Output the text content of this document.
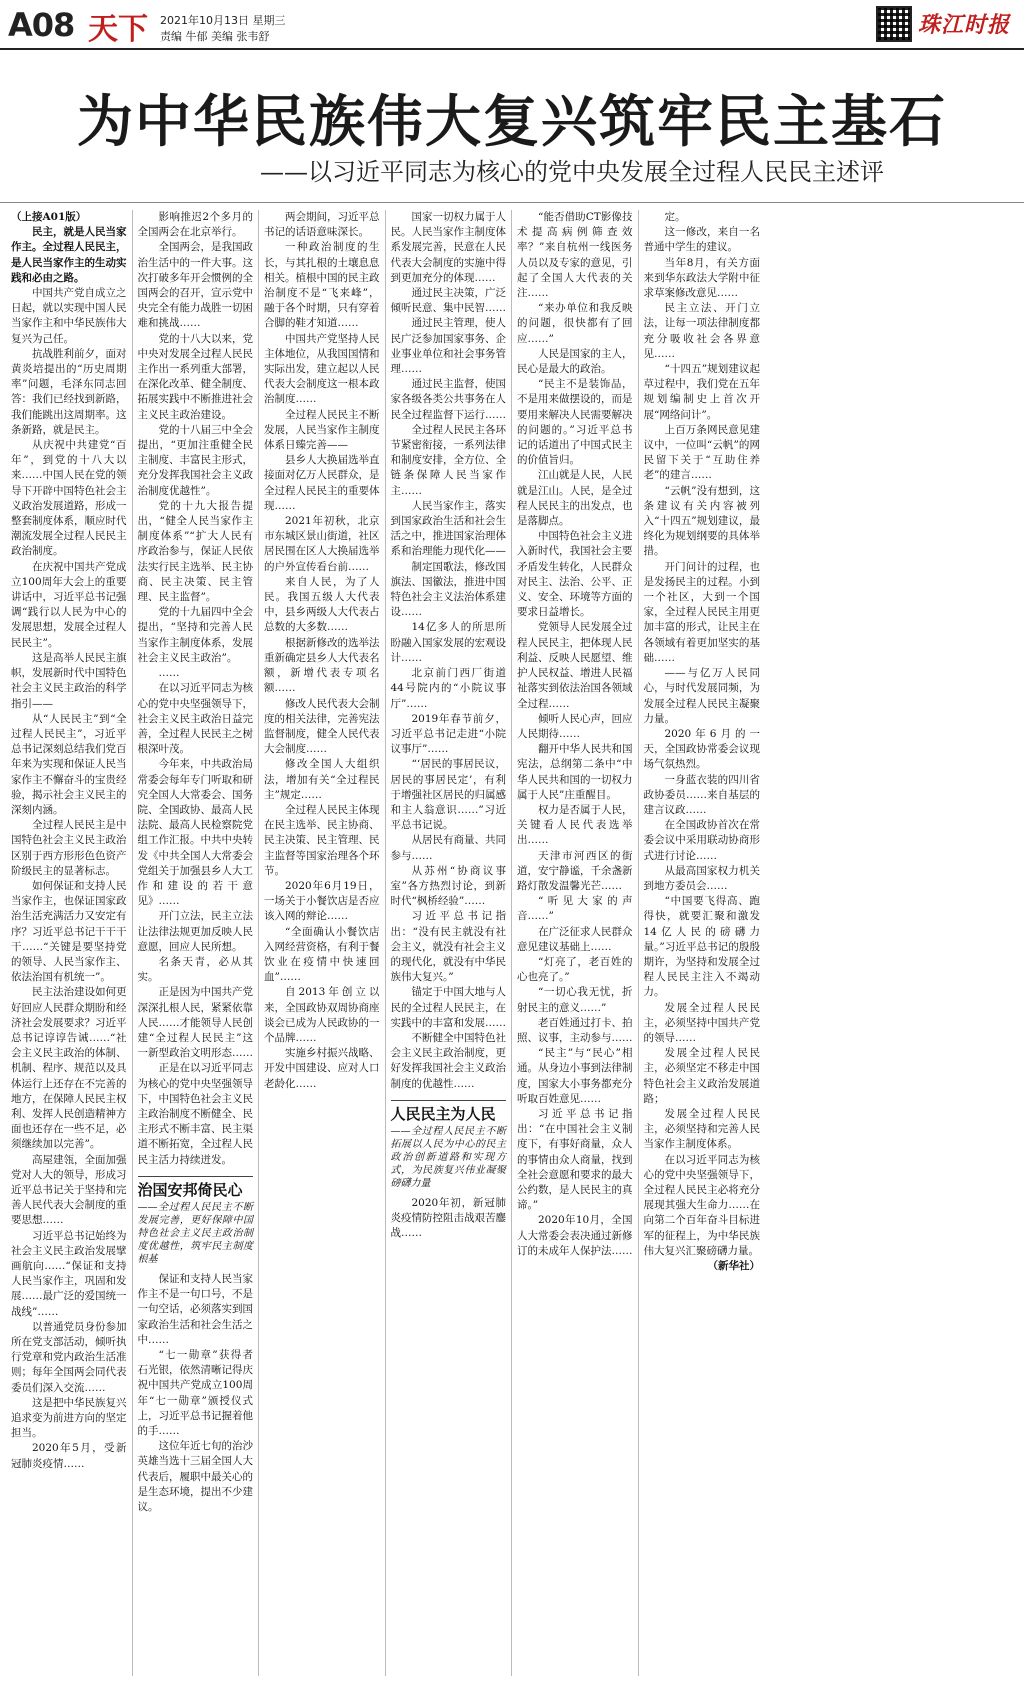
A08 天下 2021年10月13日 星期三
责编 牛郁 美编 张韦舒	珠江时报
为中华民族伟大复兴筑牢民主基石
——以习近平同志为核心的党中央发展全过程人民民主述评

（上接A01版）

民主，就是人民当家作主。全过程人民民主，是人民当家作主的生动实践和必由之路。

中国共产党自成立之日起，就以实现中国人民当家作主和中华民族伟大复兴为己任。

抗战胜利前夕，面对黄炎培提出的“历史周期率”问题，毛泽东同志回答：我们已经找到新路，我们能跳出这周期率。这条新路，就是民主。

从庆祝中共建党“百年”，到党的十八大以来……中国人民在党的领导下开辟中国特色社会主义政治发展道路，形成一整套制度体系，顺应时代潮流发展全过程人民民主政治制度。

在庆祝中国共产党成立100周年大会上的重要讲话中，习近平总书记强调“践行以人民为中心的发展思想，发展全过程人民民主”。

这是高举人民民主旗帜，发展新时代中国特色社会主义民主政治的科学指引——

从“人民民主”到“全过程人民民主”，习近平总书记深刻总结我们党百年来为实现和保证人民当家作主不懈奋斗的宝贵经验，揭示社会主义民主的深刻内涵。

全过程人民民主是中国特色社会主义民主政治区别于西方形形色色资产阶级民主的显著标志。

如何保证和支持人民当家作主，也保证国家政治生活充满活力又安定有序？习近平总书记干干干干……“关键是要坚持党的领导、人民当家作主、依法治国有机统一”。

民主法治建设如何更好回应人民群众期盼和经济社会发展要求？习近平总书记谆谆告诫……“社会主义民主政治的体制、机制、程序、规范以及具体运行上还存在不完善的地方，在保障人民民主权利、发挥人民创造精神方面也还存在一些不足，必须继续加以完善”。

高屋建瓴，全面加强党对人大的领导，形成习近平总书记关于坚持和完善人民代表大会制度的重要思想……

习近平总书记始终为社会主义民主政治发展擘画航向……“保证和支持人民当家作主，巩固和发展……最广泛的爱国统一战线”……

以普通党员身份参加所在党支部活动，倾听执行党章和党内政治生活准则；每年全国两会同代表委员们深入交流……

这是把中华民族复兴追求变为前进方向的坚定担当。

2020年5月，受新冠肺炎疫情……

影响推迟2个多月的全国两会在北京举行。

全国两会，是我国政治生活中的一件大事。这次打破多年开会惯例的全国两会的召开，宣示党中央完全有能力战胜一切困难和挑战……

党的十八大以来，党中央对发展全过程人民民主作出一系列重大部署，在深化改革、健全制度、拓展实践中不断推进社会主义民主政治建设。

党的十八届三中全会提出，“更加注重健全民主制度、丰富民主形式，充分发挥我国社会主义政治制度优越性”。

党的十九大报告提出，“健全人民当家作主制度体系”“扩大人民有序政治参与，保证人民依法实行民主选举、民主协商、民主决策、民主管理、民主监督”。

党的十九届四中全会提出，“坚持和完善人民当家作主制度体系，发展社会主义民主政治”。

……

在以习近平同志为核心的党中央坚强领导下，社会主义民主政治日益完善，全过程人民民主之树根深叶茂。

今年来，中共政治局常委会每年专门听取和研究全国人大常委会、国务院、全国政协、最高人民法院、最高人民检察院党组工作汇报。中共中央转发《中共全国人大常委会党组关于加强县乡人大工作和建设的若干意见》……

开门立法，民主立法让法律法规更加反映人民意愿，回应人民所想。

名条天青，必从其实。

正是因为中国共产党深深扎根人民，紧紧依靠人民……才能领导人民创建“全过程人民民主”这一新型政治文明形态……

正是在以习近平同志为核心的党中央坚强领导下，中国特色社会主义民主政治制度不断健全、民主形式不断丰富、民主渠道不断拓宽，全过程人民民主活力持续迸发。

治国安邦倚民心

——全过程人民民主不断发展完善，更好保障中国特色社会主义民主政治制度优越性，筑牢民主制度根基

保证和支持人民当家作主不是一句口号，不是一句空话，必须落实到国家政治生活和社会生活之中……

“七一勋章”获得者石光银，依然清晰记得庆祝中国共产党成立100周年“七一勋章”颁授仪式上，习近平总书记握着他的手……

这位年近七旬的治沙英雄当选十三届全国人大代表后，履职中最关心的是生态环境，提出不少建议。

两会期间，习近平总书记的话语意味深长。

一种政治制度的生长，与其扎根的土壤息息相关。植根中国的民主政治制度不是“飞来峰”，融于各个时期，只有穿着合脚的鞋才知道……

中国共产党坚持人民主体地位，从我国国情和实际出发，建立起以人民代表大会制度这一根本政治制度……

全过程人民民主不断发展，人民当家作主制度体系日臻完善——

县乡人大换届选举直接面对亿万人民群众，是全过程人民民主的重要体现……

2021年初秋，北京市东城区景山街道，社区居民围在区人大换届选举的户外宣传看台前……

来自人民，为了人民。我国五级人大代表中，县乡两级人大代表占总数的大多数……

根据新修改的选举法重新确定县乡人大代表名额，新增代表专项名额……

修改人民代表大会制度的相关法律，完善宪法监督制度，健全人民代表大会制度……

修改全国人大组织法，增加有关“全过程民主”规定……

全过程人民民主体现在民主选举、民主协商、民主决策、民主管理、民主监督等国家治理各个环节。

2020年6月19日，一场关于小餐饮店是否应该入网的辩论……

“全面确认小餐饮店入网经营资格，有利于餐饮业在疫情中快速回血”……

自2013年创立以来，全国政协双周协商座谈会已成为人民政协的一个品牌……

实施乡村振兴战略、开发中国建设、应对人口老龄化……

国家一切权力属于人民。人民当家作主制度体系发展完善，民意在人民代表大会制度的实施中得到更加充分的体现……

通过民主决策，广泛倾听民意、集中民智……

通过民主管理，使人民广泛参加国家事务、企业事业单位和社会事务管理……

通过民主监督，使国家各级各类公共事务在人民全过程监督下运行……

全过程人民民主各环节紧密衔接，一系列法律和制度安排，全方位、全链条保障人民当家作主……

人民当家作主，落实到国家政治生活和社会生活之中，推进国家治理体系和治理能力现代化——

制定国歌法，修改国旗法、国徽法，推进中国特色社会主义法治体系建设……

14亿多人的所思所盼融入国家发展的宏观设计……

北京前门西厂街道44号院内的“小院议事厅”……

2019年春节前夕，习近平总书记走进“小院议事厅”……

“‘居民的事居民议，居民的事居民定’，有利于增强社区居民的归属感和主人翁意识……”习近平总书记说。

从居民有商量、共同参与……

从苏州“协商议事室”各方热烈讨论，到新时代“枫桥经验”……

习近平总书记指出：“没有民主就没有社会主义，就没有社会主义的现代化，就没有中华民族伟大复兴。”

锚定于中国大地与人民的全过程人民民主，在实践中的丰富和发展……

不断健全中国特色社会主义民主政治制度，更好发挥我国社会主义政治制度的优越性……

人民民主为人民

——全过程人民民主不断拓展以人民为中心的民主政治创新道路和实现方式，为民族复兴伟业凝聚磅礴力量

2020年初，新冠肺炎疫情防控阻击战艰苦鏖战……

“能否借助CT影像技术提高病例筛查效率？”来自杭州一线医务人员以及专家的意见，引起了全国人大代表的关注……

“来办单位和我反映的问题，很快都有了回应……”

人民是国家的主人，民心是最大的政治。

“民主不是装饰品，不是用来做摆设的，而是要用来解决人民需要解决的问题的。”习近平总书记的话道出了中国式民主的价值旨归。

江山就是人民，人民就是江山。人民，是全过程人民民主的出发点，也是落脚点。

中国特色社会主义进入新时代，我国社会主要矛盾发生转化，人民群众对民主、法治、公平、正义、安全、环境等方面的要求日益增长。

党领导人民发展全过程人民民主，把体现人民利益、反映人民愿望、维护人民权益、增进人民福祉落实到依法治国各领域全过程……

倾听人民心声，回应人民期待……

翻开中华人民共和国宪法，总纲第二条中“中华人民共和国的一切权力属于人民”庄重醒目。

权力是否属于人民，关键看人民代表选举出……

天津市河西区的街道，安宁静谧，千余盏新路灯散发温馨光芒……

“听见大家的声音……”

在广泛征求人民群众意见建议基础上……

“灯亮了，老百姓的心也亮了。”

“一切心我无忧，折射民主的意义……”

老百姓通过打卡、拍照、议事，主动参与……

“民主”与“民心”相通。从身边小事到法律制度，国家大小事务都充分听取百姓意见……

习近平总书记指出：“在中国社会主义制度下，有事好商量，众人的事情由众人商量，找到全社会意愿和要求的最大公约数，是人民民主的真谛。”

2020年10月，全国人大常委会表决通过新修订的未成年人保护法……

定。

这一修改，来自一名普通中学生的建议。

当年8月，有关方面来到华东政法大学附中征求草案修改意见……

民主立法、开门立法，让每一项法律制度都充分吸收社会各界意见……

“十四五”规划建议起草过程中，我们党在五年规划编制史上首次开展“网络问计”。

上百万条网民意见建议中，一位叫“云帆”的网民留下关于“互助住养老”的建言……

“云帆”没有想到，这条建议有关内容被列入“十四五”规划建议，最终化为规划纲要的具体举措。

开门问计的过程，也是发扬民主的过程。小到一个社区，大到一个国家，全过程人民民主用更加丰富的形式，让民主在各领域有着更加坚实的基础……

——与亿万人民同心，与时代发展同频，为发展全过程人民民主凝聚力量。

2020年6月的一天，全国政协常委会议现场气氛热烈。

一身蓝衣装的四川省政协委员……来自基层的建言议政……

在全国政协首次在常委会议中采用联动协商形式进行讨论……

从最高国家权力机关到地方委员会……

“中国要飞得高、跑得快，就要汇聚和激发14亿人民的磅礴力量。”习近平总书记的殷殷期许，为坚持和发展全过程人民民主注入不竭动力。

发展全过程人民民主，必须坚持中国共产党的领导……

发展全过程人民民主，必须坚定不移走中国特色社会主义政治发展道路；

发展全过程人民民主，必须坚持和完善人民当家作主制度体系。

在以习近平同志为核心的党中央坚强领导下，全过程人民民主必将充分展现其强大生命力……在向第二个百年奋斗目标进军的征程上，为中华民族伟大复兴汇聚磅礴力量。

（新华社）
